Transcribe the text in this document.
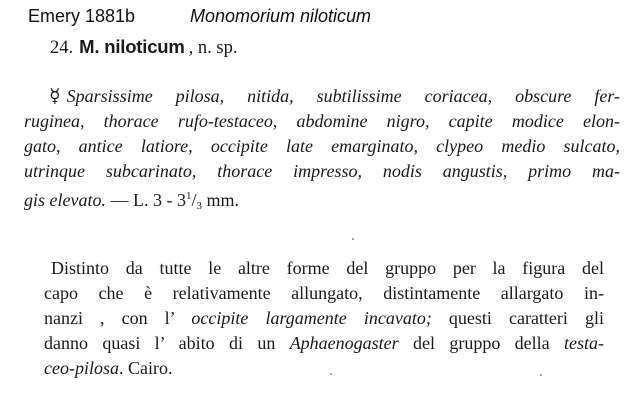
Emery 1881b	Monomorium niloticum
24. M. niloticum , n. sp.
☿ Sparsissime pilosa, nitida, subtilissime coriacea, obscure fer-
ruginea, thorace rufo-testaceo, abdomine nigro, capite modice elon-
gato, antice latiore, occipite late emarginato, clypeo medio sulcato,
utrinque subcarinato, thorace impresso, nodis angustis, primo ma-
gis elevato. — L. $3 - 3^1/_3$ mm.
Distinto da tutte le altre forme del gruppo per la figura del
capo che è relativamente allungato, distintamente allargato in-
nanzi , con l’ occipite largamente incavato; questi caratteri gli
danno quasi l’ abito di un Aphaenogaster del gruppo della testa-
ceo-pilosa. Cairo.
